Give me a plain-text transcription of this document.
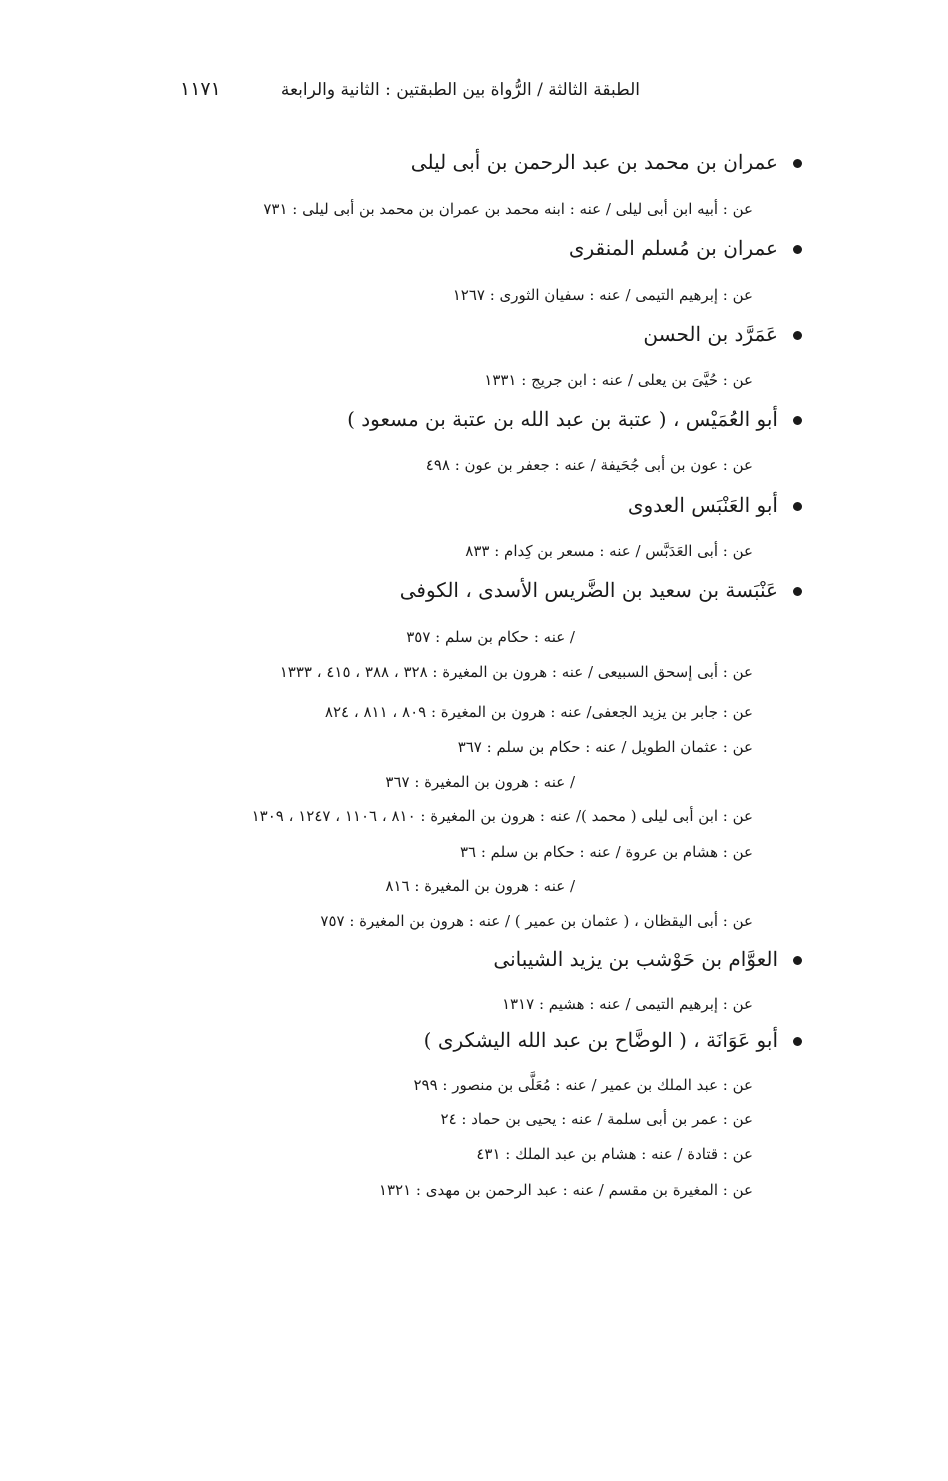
الطبقة الثالثة / الرُّواة بين الطبقتين : الثانية والرابعة
١١٧١
عمران بن محمد بن عبد الرحمن بن أبى ليلى
عن : أبيه ابن أبى ليلى / عنه : ابنه محمد بن عمران بن محمد بن أبى ليلى : ٧٣١
عمران بن مُسلم المنقرى
عن : إبرهيم التيمى / عنه : سفيان الثورى : ١٢٦٧
عَمَرَّد بن الحسن
عن : حُيَّىَ بن يعلى / عنه : ابن جريج : ١٣٣١
أبو العُمَيْس ، ( عتبة بن عبد الله بن عتبة بن مسعود )
عن : عون بن أبى جُحَيفة / عنه : جعفر بن عون : ٤٩٨
أبو العَنْبَس العدوى
عن : أبى العَدَبَّس / عنه : مسعر بن كِدام : ٨٣٣
عَنْبَسة بن سعيد بن الضَّريس الأسدى ، الكوفى
/ عنه : حكام بن سلم : ٣٥٧
عن : أبى إسحق السبيعى / عنه : هرون بن المغيرة : ٣٢٨ ، ٣٨٨ ، ٤١٥ ، ١٣٣٣
عن : جابر بن يزيد الجعفى/ عنه : هرون بن المغيرة : ٨٠٩ ، ٨١١ ، ٨٢٤
عن : عثمان الطويل / عنه : حكام بن سلم : ٣٦٧
/ عنه : هرون بن المغيرة : ٣٦٧
عن : ابن أبى ليلى ( محمد )/ عنه : هرون بن المغيرة : ٨١٠ ، ١١٠٦ ، ١٢٤٧ ، ١٣٠٩
عن : هشام بن عروة / عنه : حكام بن سلم : ٣٦
/ عنه : هرون بن المغيرة : ٨١٦
عن : أبى اليقظان ، ( عثمان بن عمير ) / عنه : هرون بن المغيرة : ٧٥٧
العوَّام بن حَوْشب بن يزيد الشيبانى
عن : إبرهيم التيمى / عنه : هشيم : ١٣١٧
أبو عَوَانَة ، ( الوضَّاح بن عبد الله اليشكرى )
عن : عبد الملك بن عمير / عنه : مُعَلَّى بن منصور : ٢٩٩
عن : عمر بن أبى سلمة / عنه : يحيى بن حماد : ٢٤
عن : قتادة / عنه : هشام بن عبد الملك : ٤٣١
عن : المغيرة بن مقسم / عنه : عبد الرحمن بن مهدى : ١٣٢١
